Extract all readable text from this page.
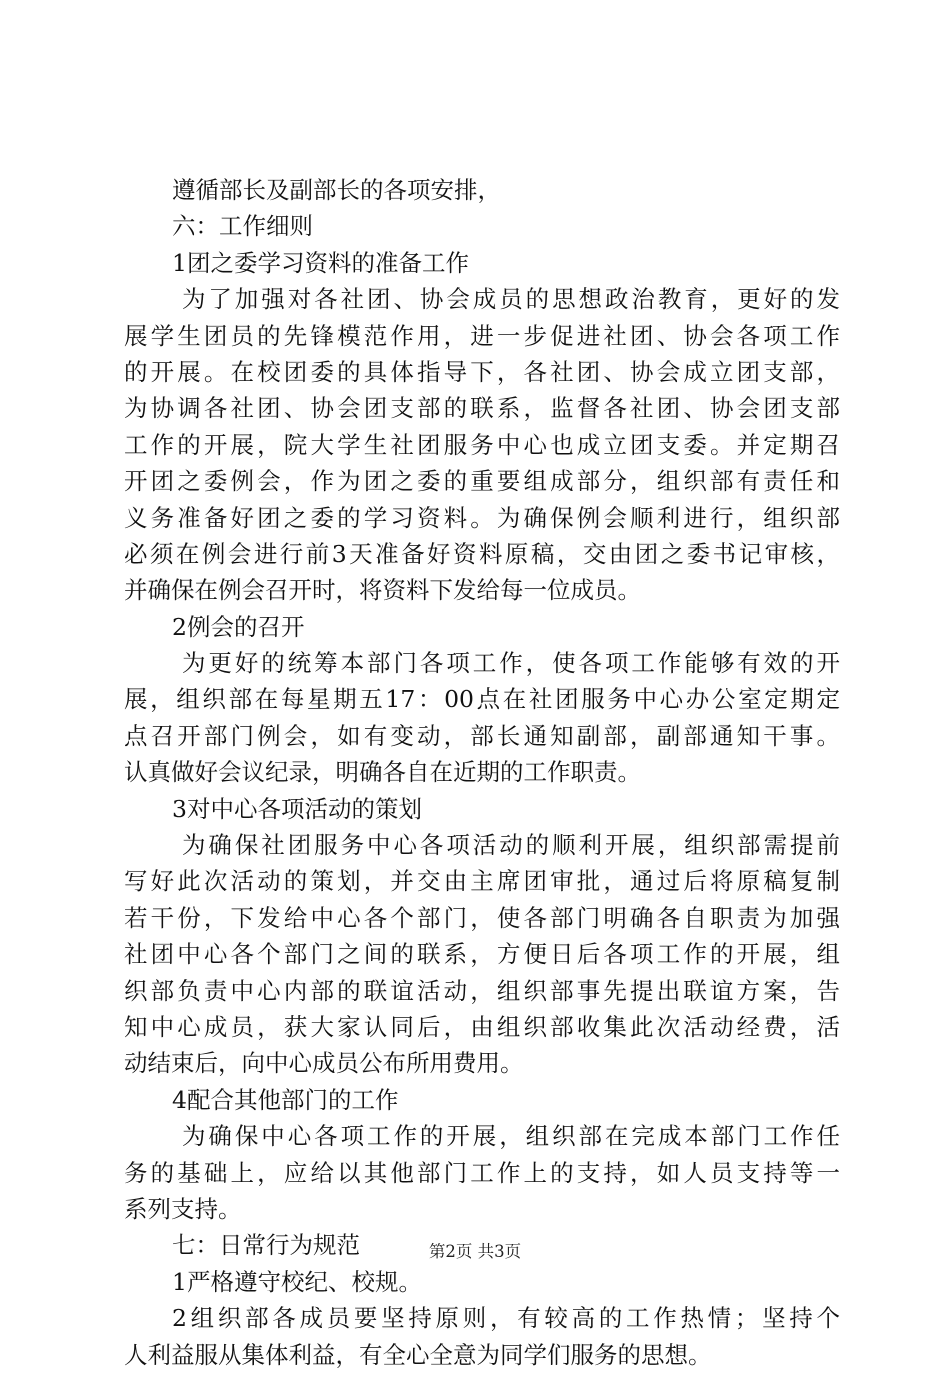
遵循部长及副部长的各项安排，
六：工作细则
1团之委学习资料的准备工作
为了加强对各社团、协会成员的思想政治教育，更好的发
展学生团员的先锋模范作用，进一步促进社团、协会各项工作
的开展。在校团委的具体指导下，各社团、协会成立团支部，
为协调各社团、协会团支部的联系，监督各社团、协会团支部
工作的开展，院大学生社团服务中心也成立团支委。并定期召
开团之委例会，作为团之委的重要组成部分，组织部有责任和
义务准备好团之委的学习资料。为确保例会顺利进行，组织部
必须在例会进行前3天准备好资料原稿，交由团之委书记审核，
并确保在例会召开时，将资料下发给每一位成员。
2例会的召开
为更好的统筹本部门各项工作，使各项工作能够有效的开
展，组织部在每星期五17：00点在社团服务中心办公室定期定
点召开部门例会，如有变动，部长通知副部，副部通知干事。
认真做好会议纪录，明确各自在近期的工作职责。
3对中心各项活动的策划
为确保社团服务中心各项活动的顺利开展，组织部需提前
写好此次活动的策划，并交由主席团审批，通过后将原稿复制
若干份，下发给中心各个部门，使各部门明确各自职责为加强
社团中心各个部门之间的联系，方便日后各项工作的开展，组
织部负责中心内部的联谊活动，组织部事先提出联谊方案，告
知中心成员，获大家认同后，由组织部收集此次活动经费，活
动结束后，向中心成员公布所用费用。
4配合其他部门的工作
为确保中心各项工作的开展，组织部在完成本部门工作任
务的基础上，应给以其他部门工作上的支持，如人员支持等一
系列支持。
七：日常行为规范
1严格遵守校纪、校规。
2组织部各成员要坚持原则，有较高的工作热情；坚持个
人利益服从集体利益，有全心全意为同学们服务的思想。
第2页 共3页
